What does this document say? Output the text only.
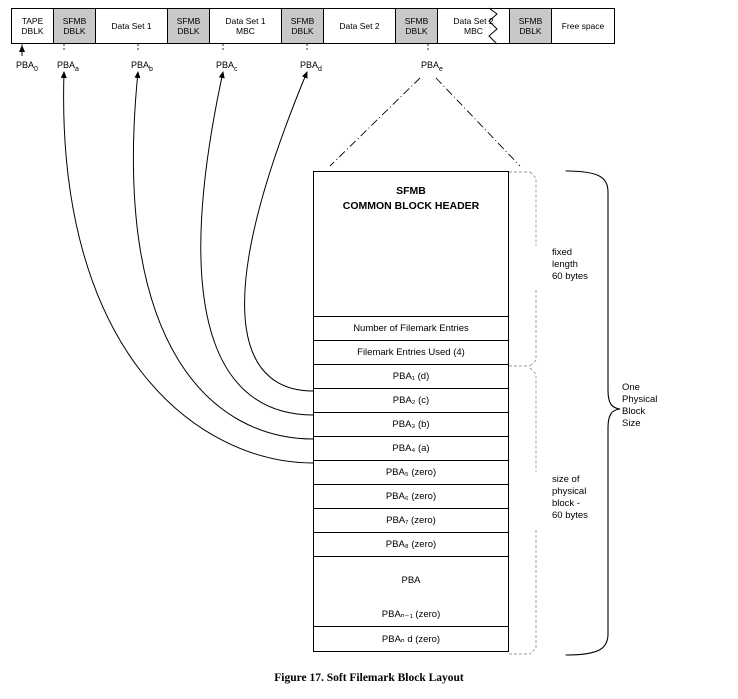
TAPE
DBLK
SFMB
DBLK	Data Set 1	SFMB
DBLK
Data Set 1
MBC
SFMB
DBLK	Data Set 2	SFMB
DBLK
Data Set 2
MBC
SFMB
DBLK Free space
$PBA_0$ $PBA_a$	$PBA_b$	$PBA_c$	$PBA_d$	$PBA_e$
SFMB
COMMON BLOCK HEADER
Number of Filemark Entries
Filemark Entries Used (4)
PBA₁ (d)
PBA₂ (c)
PBA₃ (b)
PBA₄ (a)
PBA₅ (zero)
PBA₆ (zero)
PBA₇ (zero)
PBA₈ (zero)
PBA
PBAₙ₋₁ (zero)
PBAₙ d (zero)
fixed
length
60 bytes
size of
physical
block -
60 bytes
One
Physical
Block
Size
Figure 17. Soft Filemark Block Layout
